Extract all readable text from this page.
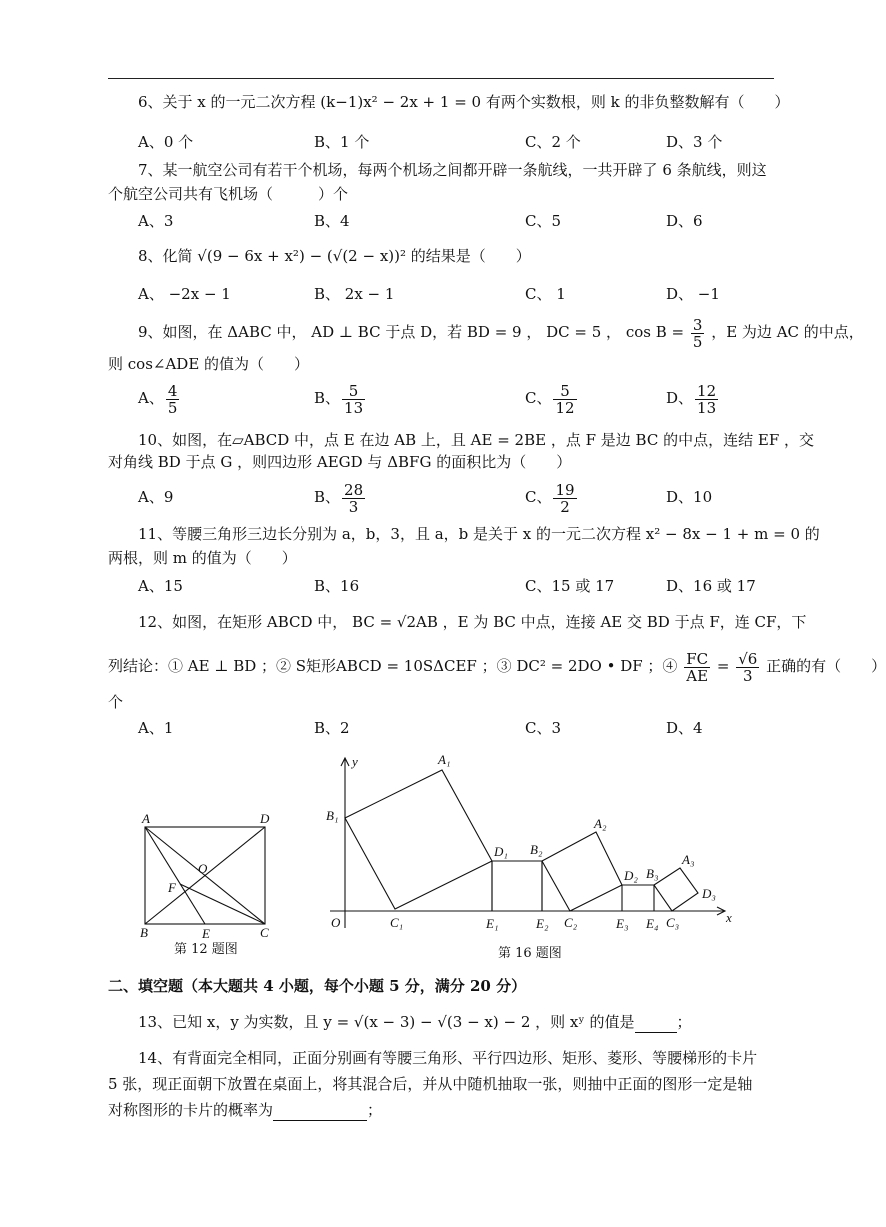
6、关于 x 的一元二次方程 (k−1)x² − 2x + 1 = 0 有两个实数根，则 k 的非负整数解有（　　）
A、0 个	B、1 个	C、2 个	D、3 个
7、某一航空公司有若干个机场，每两个机场之间都开辟一条航线，一共开辟了 6 条航线，则这
个航空公司共有飞机场（　　　）个
A、3	B、4	C、5	D、6
8、化简 √(9 − 6x + x²) − (√(2 − x))² 的结果是（　　）
A、 −2x − 1	B、 2x − 1	C、 1	D、 −1
9、如图，在 ΔABC 中， AD ⊥ BC 于点 D，若 BD = 9 ， DC = 5 ， $\cos B = \frac{3}{5}$ ，E 为边 AC 的中点，
则 cos∠ADE 的值为（　　）
A、 $\frac{4}{5}$	B、 $\frac{5}{13}$	C、 $\frac{5}{12}$	D、 $\frac{12}{13}$
10、如图，在▱ABCD 中，点 E 在边 AB 上，且 AE = 2BE ，点 F 是边 BC 的中点，连结 EF ，交
对角线 BD 于点 G ，则四边形 AEGD 与 ΔBFG 的面积比为（　　）
A、9	B、 $\frac{28}{3}$	C、 $\frac{19}{2}$	D、10
11、等腰三角形三边长分别为 a，b，3，且 a，b 是关于 x 的一元二次方程 x² − 8x − 1 + m = 0 的
两根，则 m 的值为（　　）
A、15	B、16	C、15 或 17	D、16 或 17
12、如图，在矩形 ABCD 中， BC = √2AB ，E 为 BC 中点，连接 AE 交 BD 于点 F，连 CF，下
列结论：① AE ⊥ BD ；② S矩形ABCD = 10SΔCEF ；③ DC² = 2DO • DF ；④ $\frac{FC}{AE} = \frac{√6}{3}$ 正确的有（　　）
个
A、1	B、2	C、3	D、4
A	D
O
F
B	E	C
第 12 题图
y
x
O
A₁
B₁
C₁
D₁
E₁
B₂
A₂
E₂ C₂
D₂ B₃
A₃
E₃ E₄ C₃
D₃
第 16 题图
二、填空题（本大题共 4 小题，每个小题 5 分，满分 20 分）
13、已知 x，y 为实数，且 y = √(x − 3) − √(3 − x) − 2 ，则 xʸ 的值是	；
14、有背面完全相同，正面分别画有等腰三角形、平行四边形、矩形、菱形、等腰梯形的卡片
5 张，现正面朝下放置在桌面上，将其混合后，并从中随机抽取一张，则抽中正面的图形一定是轴
对称图形的卡片的概率为	；
